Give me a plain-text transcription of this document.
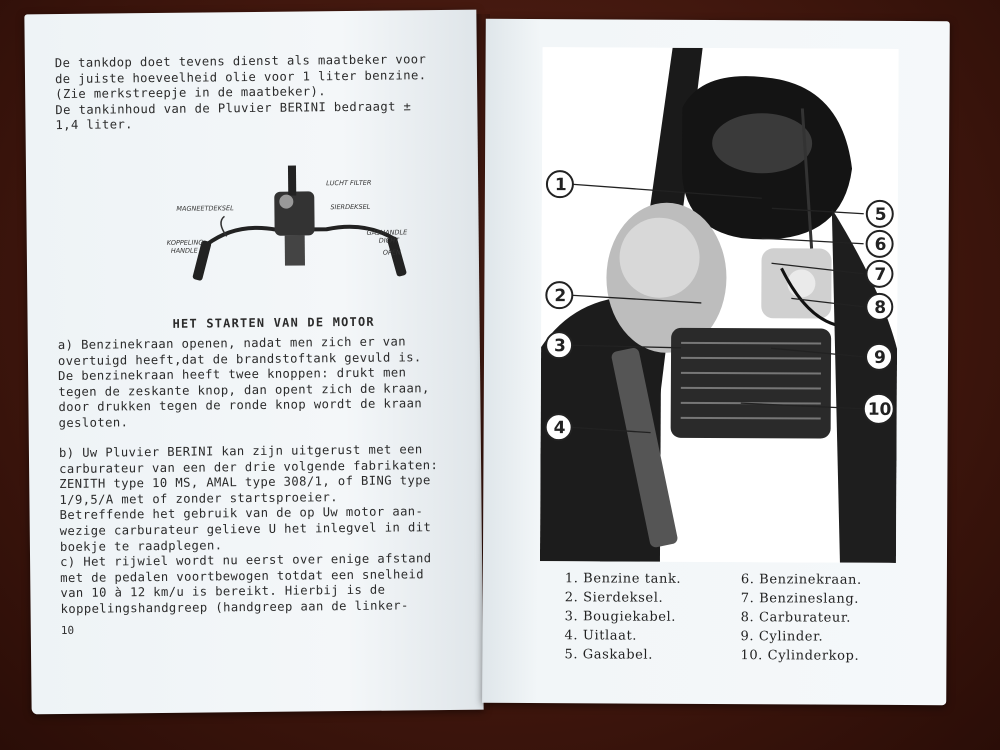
De tankdop doet tevens dienst als maatbeker voor
de juiste hoeveelheid olie voor 1 liter benzine.
(Zie merkstreepje in de maatbeker).
De tankinhoud van de Pluvier BERINI bedraagt ±
1,4 liter.
MAGNEETDEKSEL
LUCHT FILTER
SIERDEKSEL
KOPPELINGHANDLE
GASHANDLEDICHT
OPEN
HET STARTEN VAN DE MOTOR
a) Benzinekraan openen, nadat men zich er van
overtuigd heeft,dat de brandstoftank gevuld is.
De benzinekraan heeft twee knoppen: drukt men
tegen de zeskante knop, dan opent zich de kraan,
door drukken tegen de ronde knop wordt de kraan
gesloten.
b) Uw Pluvier BERINI kan zijn uitgerust met een
carburateur van een der drie volgende fabrikaten:
ZENITH type 10 MS, AMAL type 308/1, of BING type
1/9,5/A met of zonder startsproeier.
Betreffende het gebruik van de op Uw motor aan-
wezige carburateur gelieve U het inlegvel in dit
boekje te raadplegen.
c) Het rijwiel wordt nu eerst over enige afstand
met de pedalen voortbewogen totdat een snelheid
van 10 à 12 km/u is bereikt. Hierbij is de
koppelingshandgreep (handgreep aan de linker-
10
1
2
3
4
5
6
7
8
9
10
1. Benzine tank.
2. Sierdeksel.
3. Bougiekabel.
4. Uitlaat.
5. Gaskabel.
6. Benzinekraan.
7. Benzineslang.
8. Carburateur.
9. Cylinder.
10. Cylinderkop.
